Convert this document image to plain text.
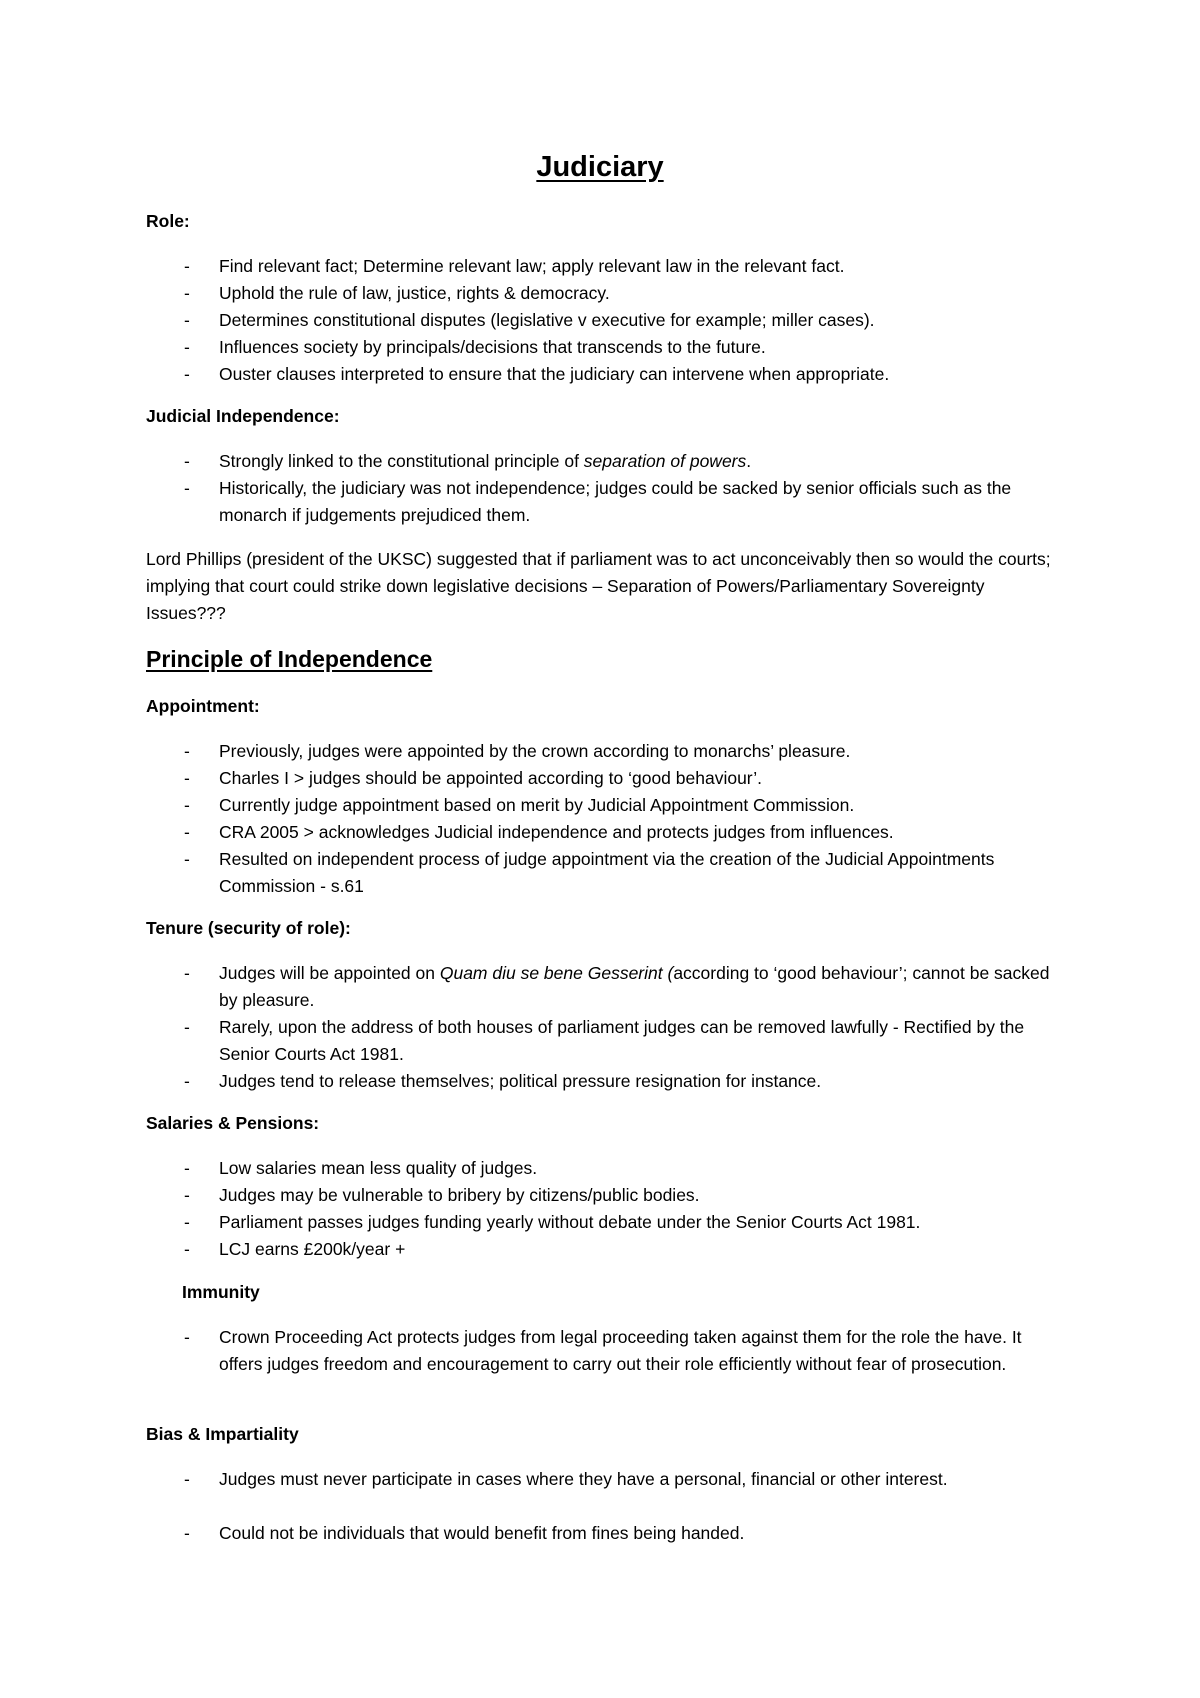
Judiciary
Role:
- Find relevant fact; Determine relevant law; apply relevant law in the relevant fact.
- Uphold the rule of law, justice, rights & democracy.
- Determines constitutional disputes (legislative v executive for example; miller cases).
- Influences society by principals/decisions that transcends to the future.
- Ouster clauses interpreted to ensure that the judiciary can intervene when appropriate.
Judicial Independence:
- Strongly linked to the constitutional principle of separation of powers.
- Historically, the judiciary was not independence; judges could be sacked by senior officials such as the monarch if judgements prejudiced them.
Lord Phillips (president of the UKSC) suggested that if parliament was to act unconceivably then so would the courts; implying that court could strike down legislative decisions – Separation of Powers/Parliamentary Sovereignty Issues???
Principle of Independence
Appointment:
- Previously, judges were appointed by the crown according to monarchs’ pleasure.
- Charles I > judges should be appointed according to ‘good behaviour’.
- Currently judge appointment based on merit by Judicial Appointment Commission.
- CRA 2005 > acknowledges Judicial independence and protects judges from influences.
- Resulted on independent process of judge appointment via the creation of the Judicial Appointments Commission - s.61
Tenure (security of role):
- Judges will be appointed on Quam diu se bene Gesserint (according to ‘good behaviour’; cannot be sacked by pleasure.
- Rarely, upon the address of both houses of parliament judges can be removed lawfully - Rectified by the Senior Courts Act 1981.
- Judges tend to release themselves; political pressure resignation for instance.
Salaries & Pensions:
- Low salaries mean less quality of judges.
- Judges may be vulnerable to bribery by citizens/public bodies.
- Parliament passes judges funding yearly without debate under the Senior Courts Act 1981.
- LCJ earns £200k/year +
Immunity
- Crown Proceeding Act protects judges from legal proceeding taken against them for the role the have. It offers judges freedom and encouragement to carry out their role efficiently without fear of prosecution.
Bias & Impartiality
- Judges must never participate in cases where they have a personal, financial or other interest.
- Could not be individuals that would benefit from fines being handed.
